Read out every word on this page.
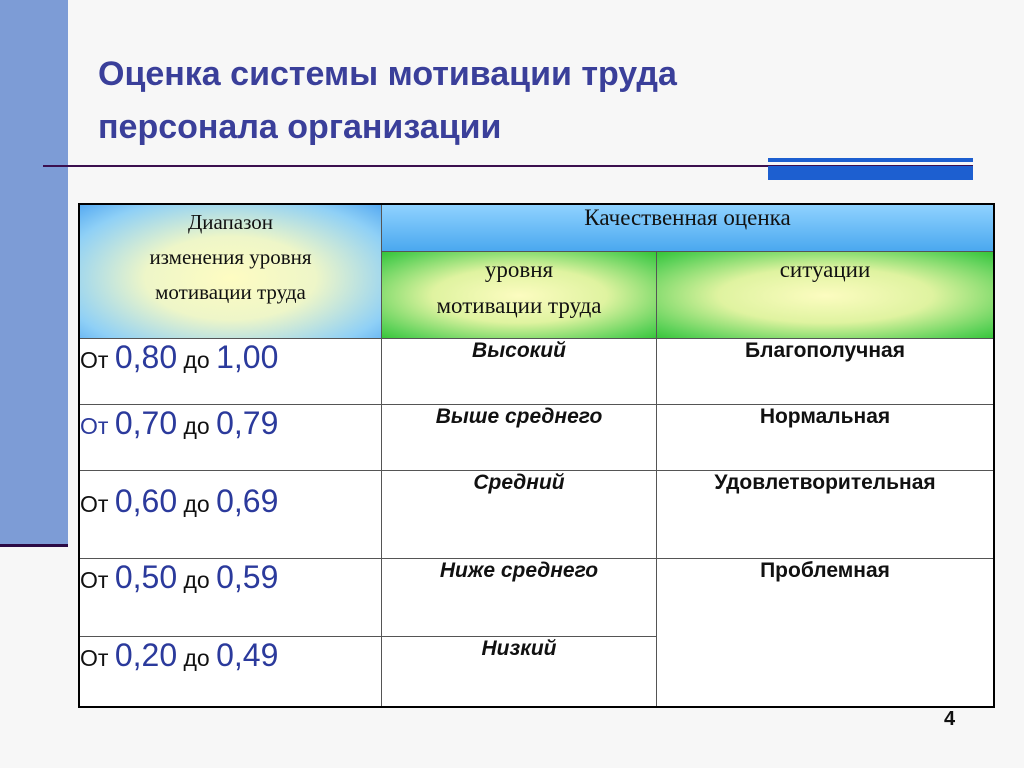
Оценка системы мотивации труда
персонала организации
Диапазон
изменения уровня
мотивации труда	Качественная оценка	

	уровня
мотивации труда	ситуации
От 0,80 до 1,00	Высокий	Благополучная
От 0,70 до 0,79	Выше среднего	Нормальная
От 0,60 до 0,69	Средний	Удовлетворительная
От 0,50 до 0,59	Ниже среднего	Проблемная
От 0,20 до 0,49	Низкий	
4
